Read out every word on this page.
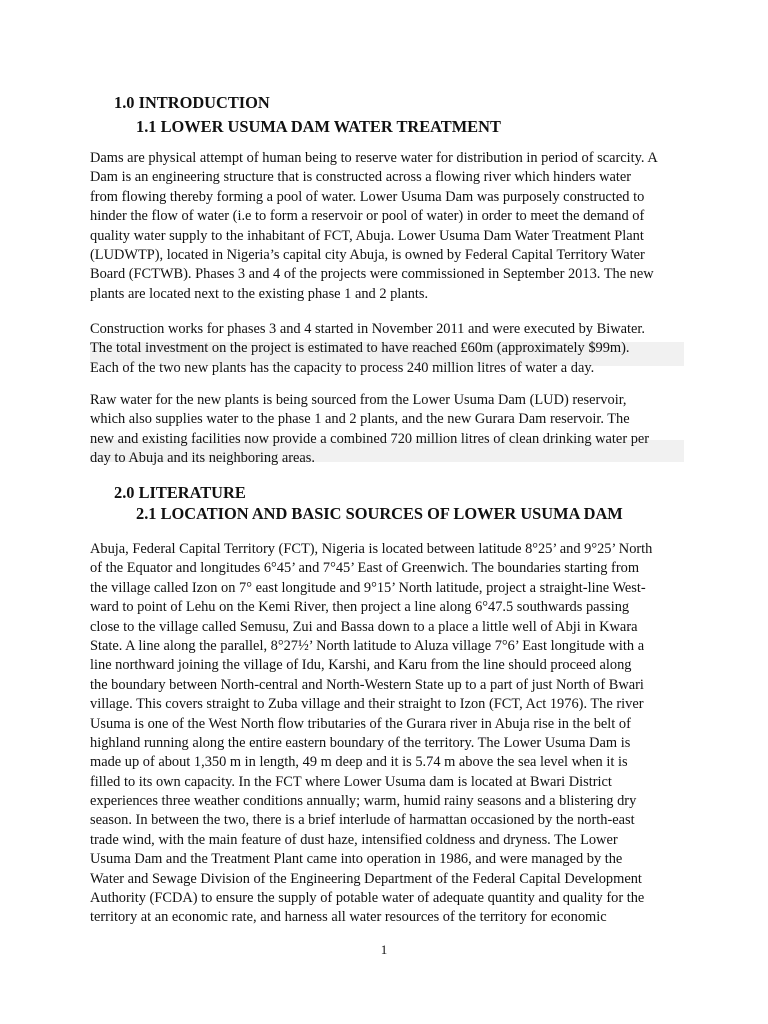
1.0 INTRODUCTION
1.1 LOWER USUMA DAM WATER TREATMENT
Dams are physical attempt of human being to reserve water for distribution in period of scarcity. A
Dam is an engineering structure that is constructed across a flowing river which hinders water
from flowing thereby forming a pool of water. Lower Usuma Dam was purposely constructed to
hinder the flow of water (i.e to form a reservoir or pool of water) in order to meet the demand of
quality water supply to the inhabitant of FCT, Abuja. Lower Usuma Dam Water Treatment Plant
(LUDWTP), located in Nigeria’s capital city Abuja, is owned by Federal Capital Territory Water
Board (FCTWB). Phases 3 and 4 of the projects were commissioned in September 2013. The new
plants are located next to the existing phase 1 and 2 plants.
Construction works for phases 3 and 4 started in November 2011 and were executed by Biwater.
The total investment on the project is estimated to have reached £60m (approximately $99m).
Each of the two new plants has the capacity to process 240 million litres of water a day.
Raw water for the new plants is being sourced from the Lower Usuma Dam (LUD) reservoir,
which also supplies water to the phase 1 and 2 plants, and the new Gurara Dam reservoir. The
new and existing facilities now provide a combined 720 million litres of clean drinking water per
day to Abuja and its neighboring areas.
2.0 LITERATURE
2.1 LOCATION AND BASIC SOURCES OF LOWER USUMA DAM
Abuja, Federal Capital Territory (FCT), Nigeria is located between latitude 8°25’ and 9°25’ North
of the Equator and longitudes 6°45’ and 7°45’ East of Greenwich. The boundaries starting from
the village called Izon on 7° east longitude and 9°15’ North latitude, project a straight-line West-
ward to point of Lehu on the Kemi River, then project a line along 6°47.5 southwards passing
close to the village called Semusu, Zui and Bassa down to a place a little well of Abji in Kwara
State. A line along the parallel, 8°27½’ North latitude to Aluza village 7°6’ East longitude with a
line northward joining the village of Idu, Karshi, and Karu from the line should proceed along
the boundary between North-central and North-Western State up to a part of just North of Bwari
village. This covers straight to Zuba village and their straight to Izon (FCT, Act 1976). The river
Usuma is one of the West North flow tributaries of the Gurara river in Abuja rise in the belt of
highland running along the entire eastern boundary of the territory. The Lower Usuma Dam is
made up of about 1,350 m in length, 49 m deep and it is 5.74 m above the sea level when it is
filled to its own capacity. In the FCT where Lower Usuma dam is located at Bwari District
experiences three weather conditions annually; warm, humid rainy seasons and a blistering dry
season. In between the two, there is a brief interlude of harmattan occasioned by the north-east
trade wind, with the main feature of dust haze, intensified coldness and dryness. The Lower
Usuma Dam and the Treatment Plant came into operation in 1986, and were managed by the
Water and Sewage Division of the Engineering Department of the Federal Capital Development
Authority (FCDA) to ensure the supply of potable water of adequate quantity and quality for the
territory at an economic rate, and harness all water resources of the territory for economic
1
